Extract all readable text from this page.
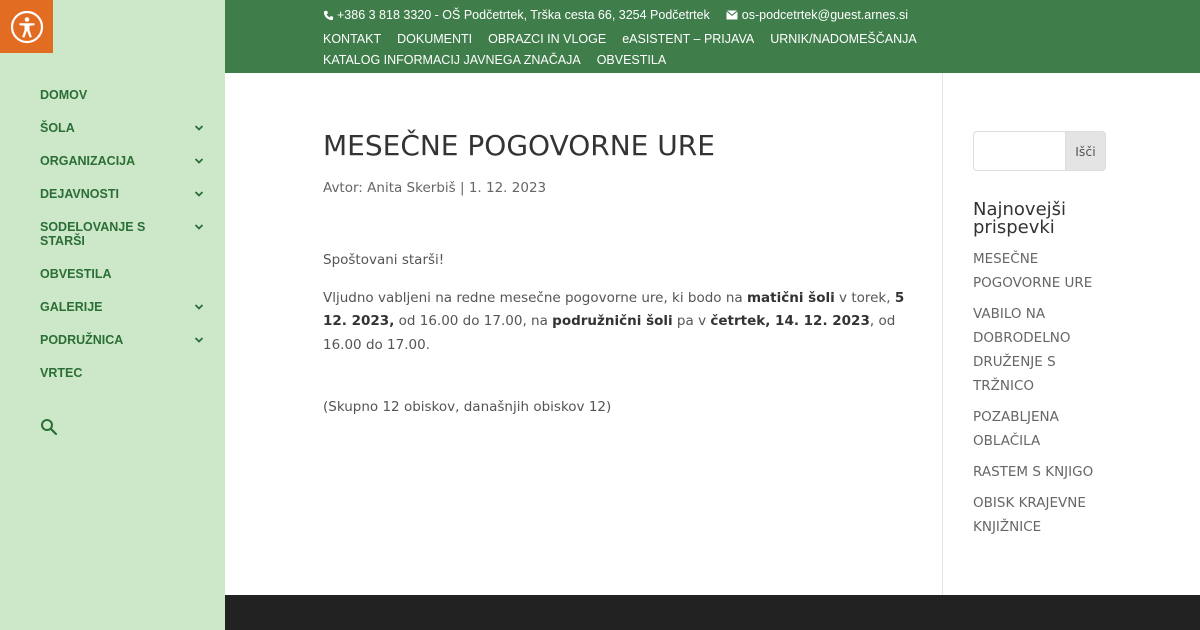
DOMOV
ŠOLA
ORGANIZACIJA
DEJAVNOSTI
SODELOVANJE S STARŠI
OBVESTILA
GALERIJE
PODRUŽNICA
VRTEC
+386 3 818 3320 - OŠ Podčetrtek, Trška cesta 66, 3254 Podčetrtek	os-podcetrtek@guest.arnes.si
KONTAKT DOKUMENTI OBRAZCI IN VLOGE eASISTENT – PRIJAVA URNIK/NADOMEŠČANJAKATALOG INFORMACIJ JAVNEGA ZNAČAJA OBVESTILA
MESEČNE POGOVORNE URE
Avtor: Anita Skerbiš | 1. 12. 2023

Spoštovani starši!

Vljudno vabljeni na redne mesečne pogovorne ure, ki bodo na matični šoli v torek, 5 12. 2023, od 16.00 do 17.00, na podružnični šoli pa v četrtek, 14. 12. 2023, od 16.00 do 17.00.

(Skupno 12 obiskov, današnjih obiskov 12)

Išči
Najnovejši prispevki
MESEČNE POGOVORNE URE
VABILO NA DOBRODELNO DRUŽENJE S TRŽNICO
POZABLJENA OBLAČILA
RASTEM S KNJIGO
OBISK KRAJEVNE KNJIŽNICE
